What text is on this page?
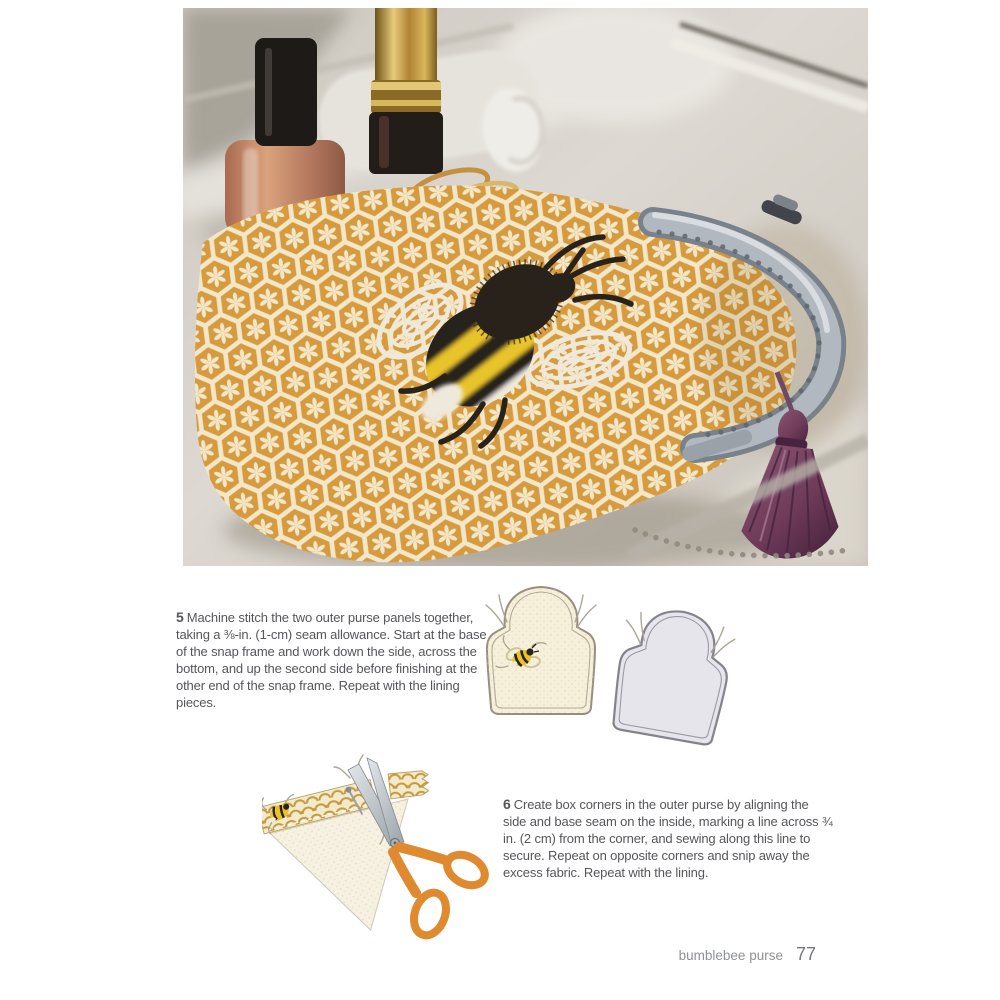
5 Machine stitch the two outer purse panels together, taking a ⅜-in. (1-cm) seam allowance. Start at the base of the snap frame and work down the side, across the bottom, and up the second side before finishing at the other end of the snap frame. Repeat with the lining pieces.

6 Create box corners in the outer purse by aligning the side and base seam on the inside, marking a line across ¾ in. (2 cm) from the corner, and sewing along this line to secure. Repeat on opposite corners and snip away the excess fabric. Repeat with the lining.

bumblebee purse 77
